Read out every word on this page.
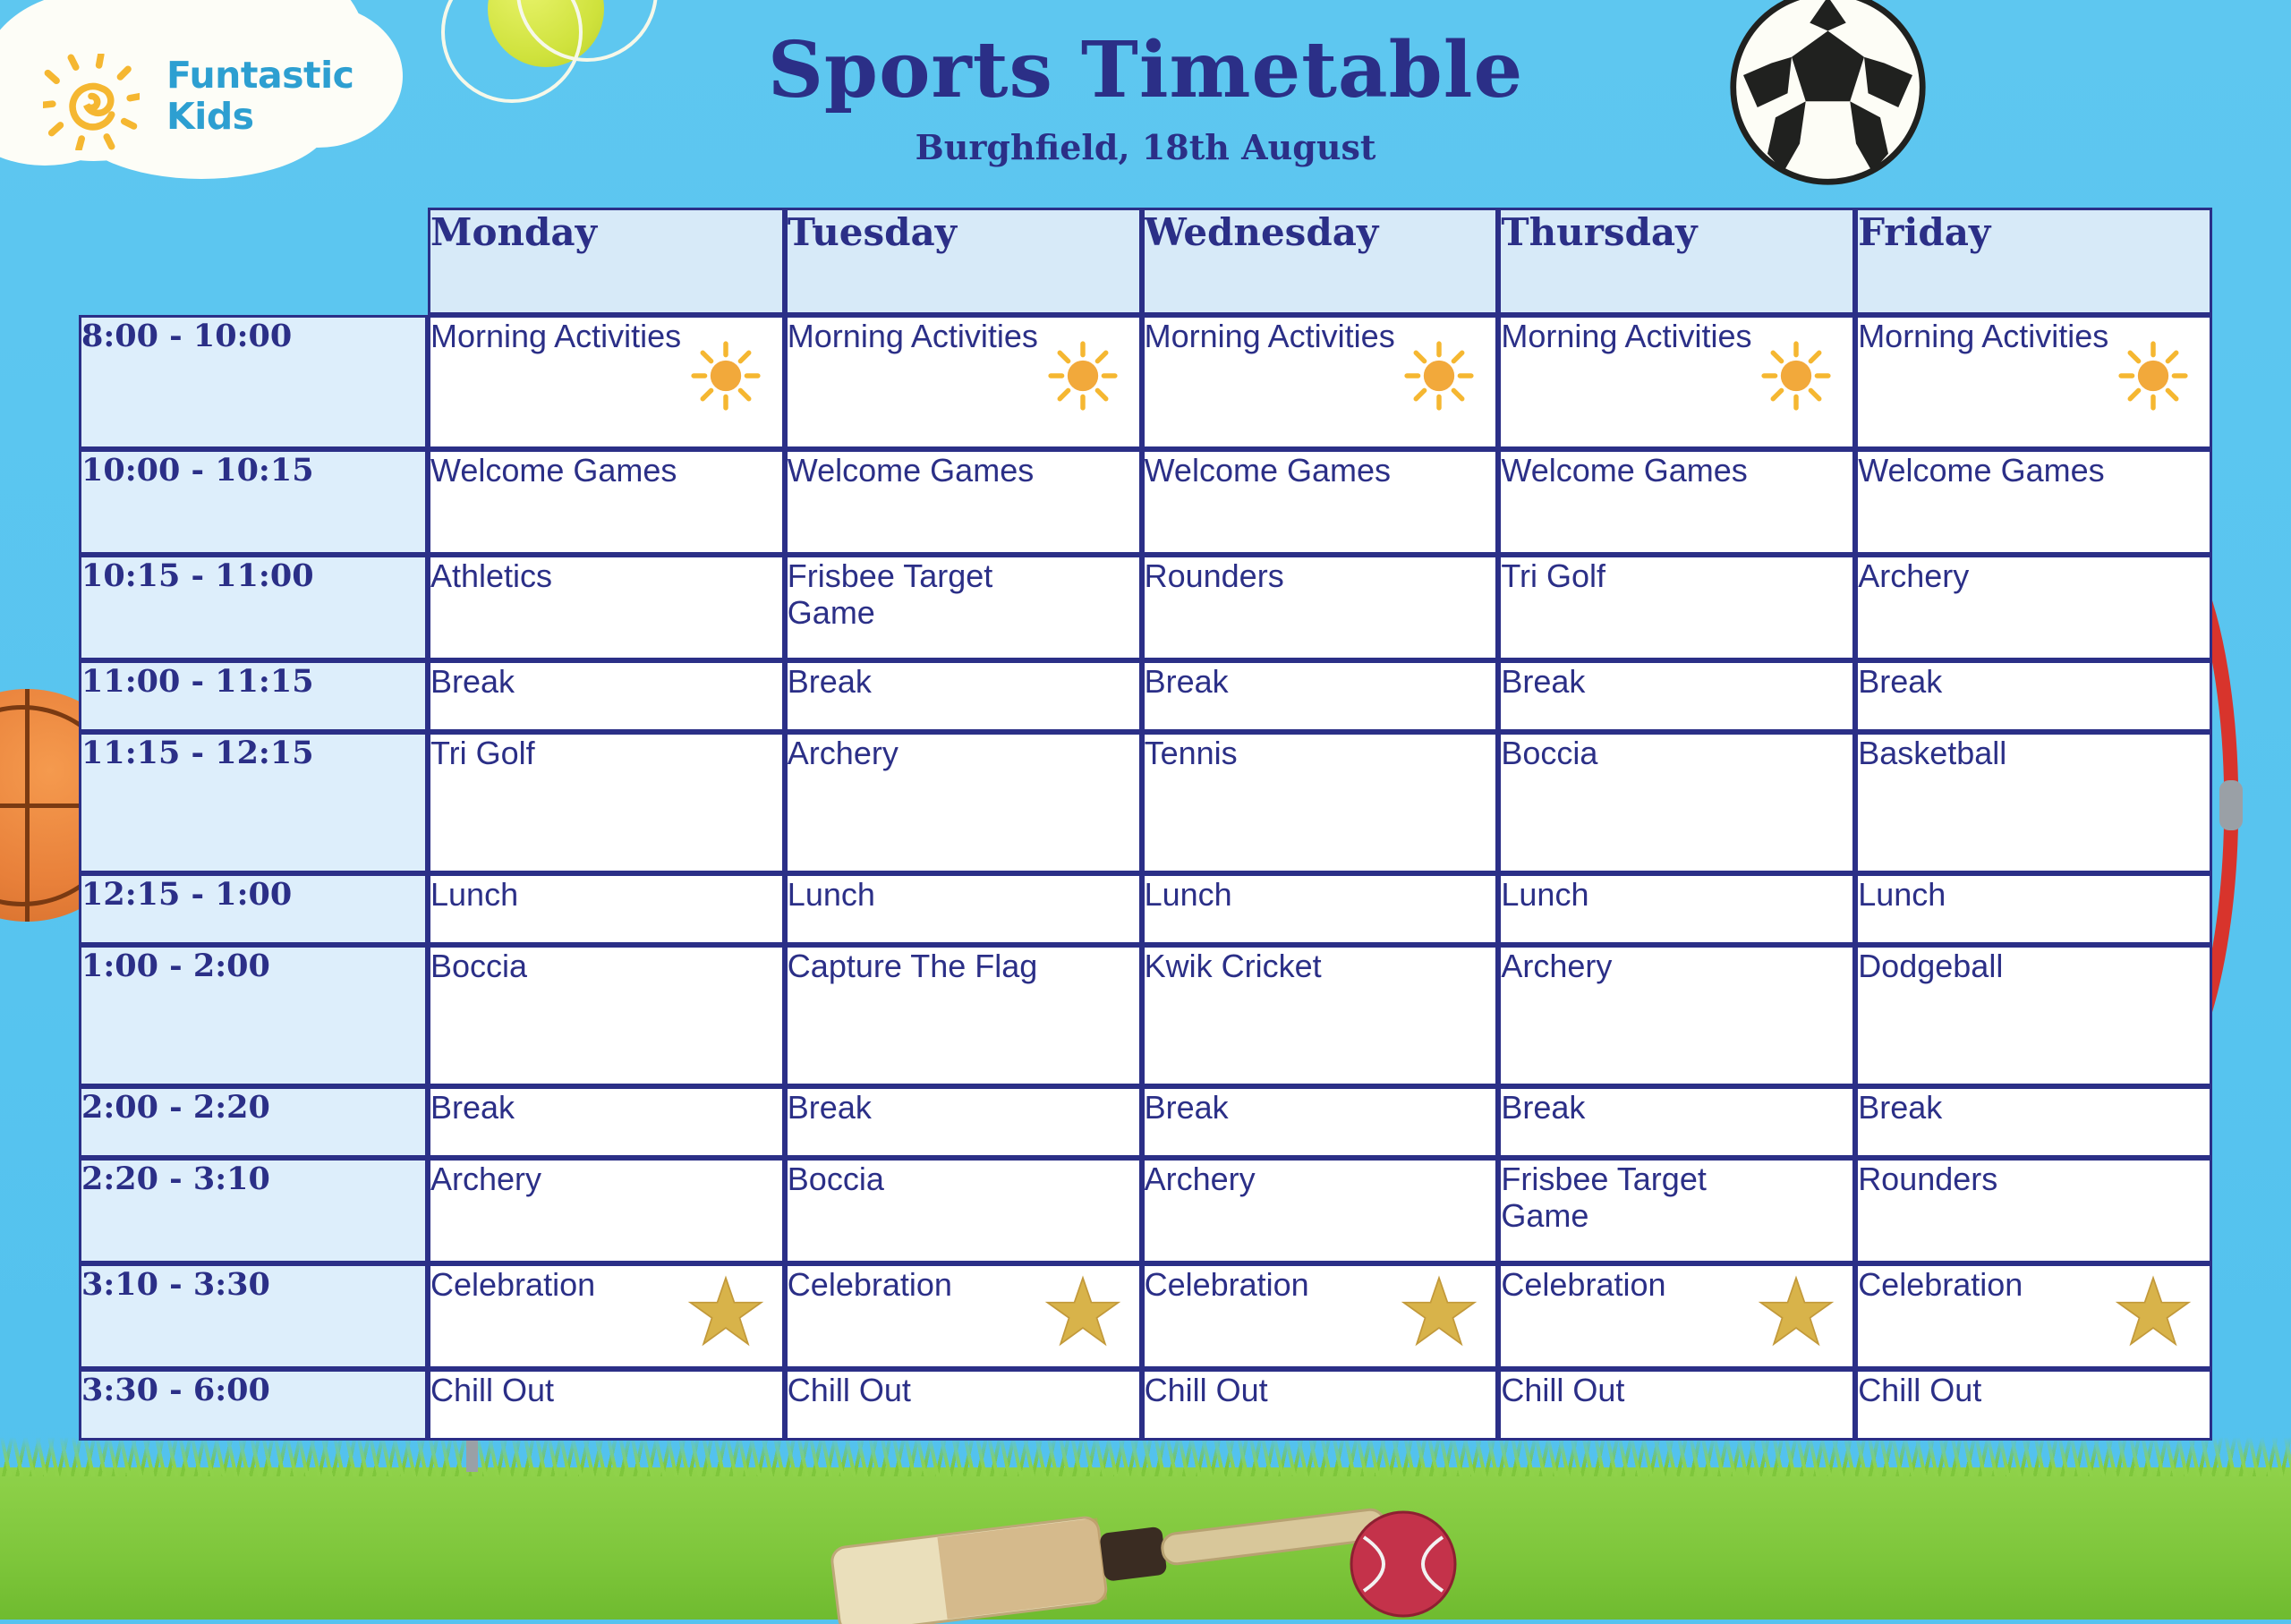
Funtastic
Kids
Sports Timetable
Burghfield, 18th August
	Monday	Tuesday	Wednesday	Thursday	Friday
8:00 - 10:00	Morning Activities	Morning Activities	Morning Activities	Morning Activities	Morning Activities

10:00 - 10:15	Welcome Games	Welcome Games	Welcome Games	Welcome Games	Welcome Games

10:15 - 11:00	Athletics	Frisbee Target Game	Rounders	Tri Golf	Archery

11:00 - 11:15	Break	Break	Break	Break	Break

11:15 - 12:15	Tri Golf	Archery	Tennis	Boccia	Basketball

12:15 - 1:00	Lunch	Lunch	Lunch	Lunch	Lunch

1:00 - 2:00	Boccia	Capture The Flag	Kwik Cricket	Archery	Dodgeball

2:00 - 2:20	Break	Break	Break	Break	Break

2:20 - 3:10	Archery	Boccia	Archery	Frisbee Target Game	Rounders

3:10 - 3:30	Celebration	Celebration	Celebration	Celebration	Celebration

3:30 - 6:00	Chill Out	Chill Out	Chill Out	Chill Out	Chill Out
